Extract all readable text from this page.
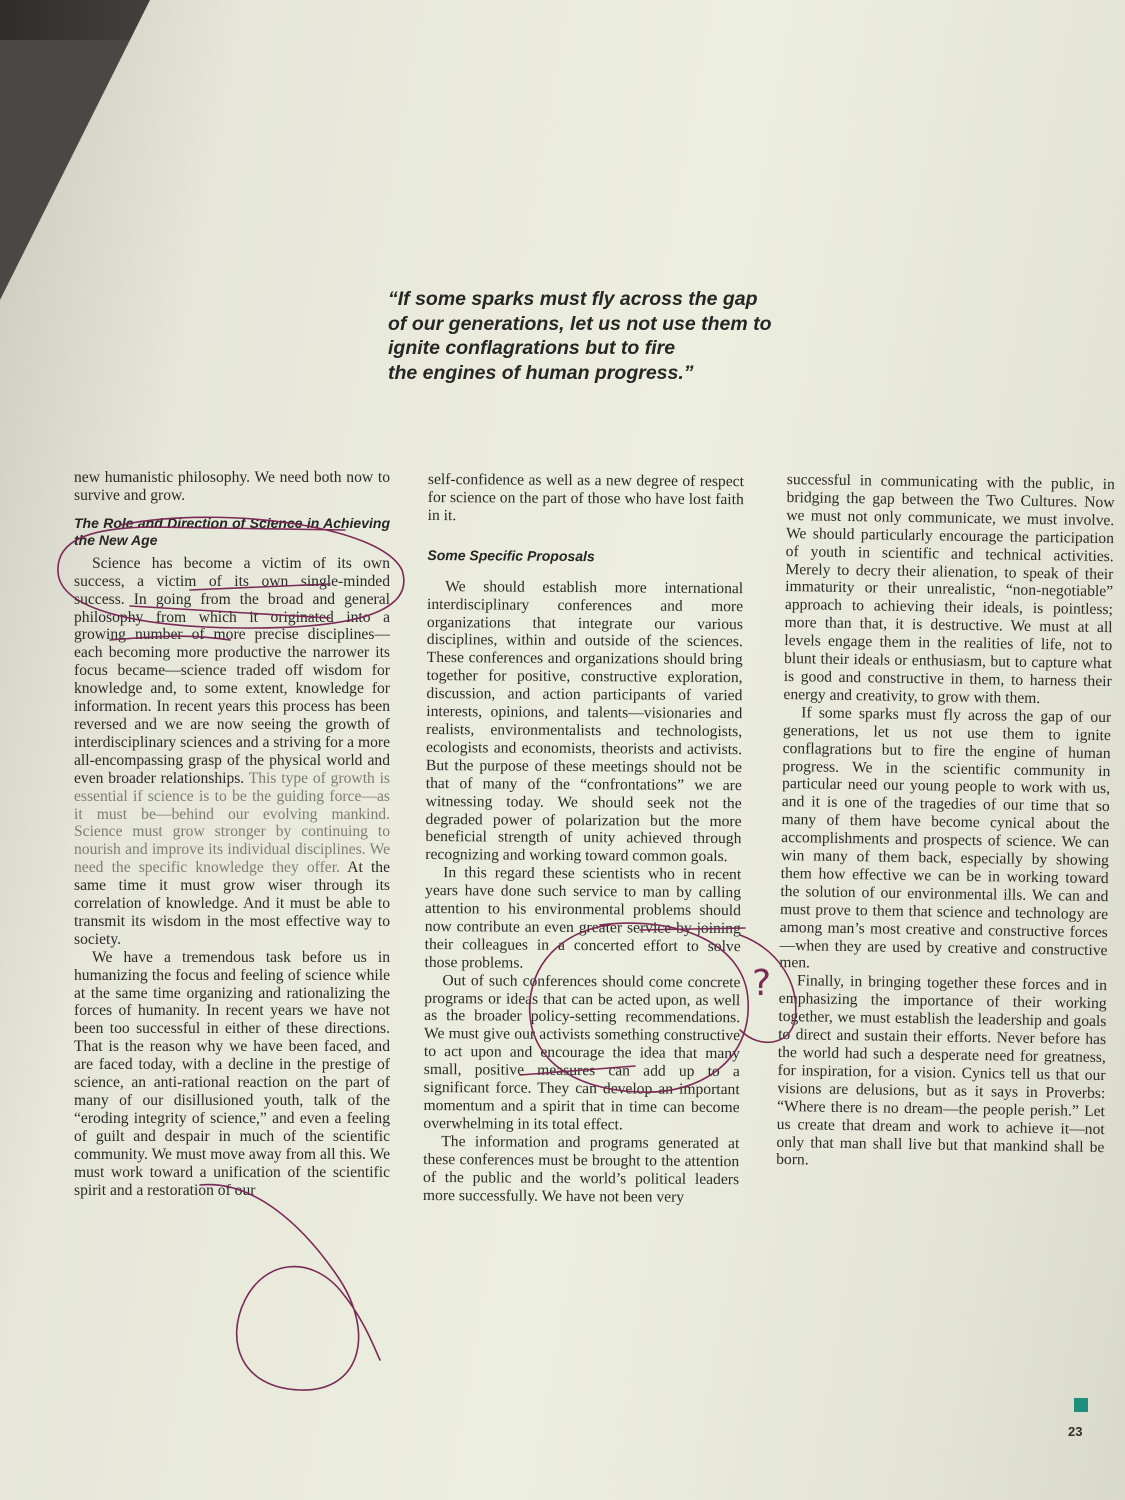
“If some sparks must fly across the gap
of our generations, let us not use them to
ignite conflagrations but to fire
the engines of human progress.”

new humanistic philosophy. We need both now to survive and grow.

The Role and Direction of Science in Achieving the New Age

Science has become a victim of its own success, a victim of its own single-minded success. In going from the broad and general philosophy from which it originated into a growing number of more precise disciplines—each becoming more productive the narrower its focus became—science traded off wisdom for knowledge and, to some extent, knowledge for information. In recent years this process has been reversed and we are now seeing the growth of interdisciplinary sciences and a striving for a more all-encompassing grasp of the physical world and even broader relationships. This type of growth is essential if science is to be the guiding force—as it must be—behind our evolving mankind. Science must grow stronger by continuing to nourish and improve its individual disciplines. We need the specific knowledge they offer. At the same time it must grow wiser through its correlation of knowledge. And it must be able to transmit its wisdom in the most effective way to society.

We have a tremendous task before us in humanizing the focus and feeling of science while at the same time organizing and rationalizing the forces of humanity. In recent years we have not been too successful in either of these directions. That is the reason why we have been faced, and are faced today, with a decline in the prestige of science, an anti-rational reaction on the part of many of our disillusioned youth, talk of the “eroding integrity of science,” and even a feeling of guilt and despair in much of the scientific community. We must move away from all this. We must work toward a unification of the scientific spirit and a restoration of our

self-confidence as well as a new degree of respect for science on the part of those who have lost faith in it.

Some Specific Proposals

We should establish more international interdisciplinary conferences and more organizations that integrate our various disciplines, within and outside of the sciences. These conferences and organizations should bring together for positive, constructive exploration, discussion, and action participants of varied interests, opinions, and talents—visionaries and realists, environmentalists and technologists, ecologists and economists, theorists and activists. But the purpose of these meetings should not be that of many of the “confrontations” we are witnessing today. We should seek not the degraded power of polarization but the more beneficial strength of unity achieved through recognizing and working toward common goals.

In this regard these scientists who in recent years have done such service to man by calling attention to his environmental problems should now contribute an even greater service by joining their colleagues in a concerted effort to solve those problems.

Out of such conferences should come concrete programs or ideas that can be acted upon, as well as the broader policy-setting recommendations. We must give our activists something constructive to act upon and encourage the idea that many small, positive measures can add up to a significant force. They can develop an important momentum and a spirit that in time can become overwhelming in its total effect.

The information and programs generated at these conferences must be brought to the attention of the public and the world’s political leaders more successfully. We have not been very

successful in communicating with the public, in bridging the gap between the Two Cultures. Now we must not only communicate, we must involve. We should particularly encourage the participation of youth in scientific and technical activities. Merely to decry their alienation, to speak of their immaturity or their unrealistic, “non-negotiable” approach to achieving their ideals, is pointless; more than that, it is destructive. We must at all levels engage them in the realities of life, not to blunt their ideals or enthusiasm, but to capture what is good and constructive in them, to harness their energy and creativity, to grow with them.

If some sparks must fly across the gap of our generations, let us not use them to ignite conflagrations but to fire the engine of human progress. We in the scientific community in particular need our young people to work with us, and it is one of the tragedies of our time that so many of them have become cynical about the accomplishments and prospects of science. We can win many of them back, especially by showing them how effective we can be in working toward the solution of our environmental ills. We can and must prove to them that science and technology are among man’s most creative and constructive forces—when they are used by creative and constructive men.

Finally, in bringing together these forces and in emphasizing the importance of their working together, we must establish the leadership and goals to direct and sustain their efforts. Never before has the world had such a desperate need for greatness, for inspiration, for a vision. Cynics tell us that our visions are delusions, but as it says in Proverbs: “Where there is no dream—the people perish.” Let us create that dream and work to achieve it—not only that man shall live but that mankind shall be born.

?
23
